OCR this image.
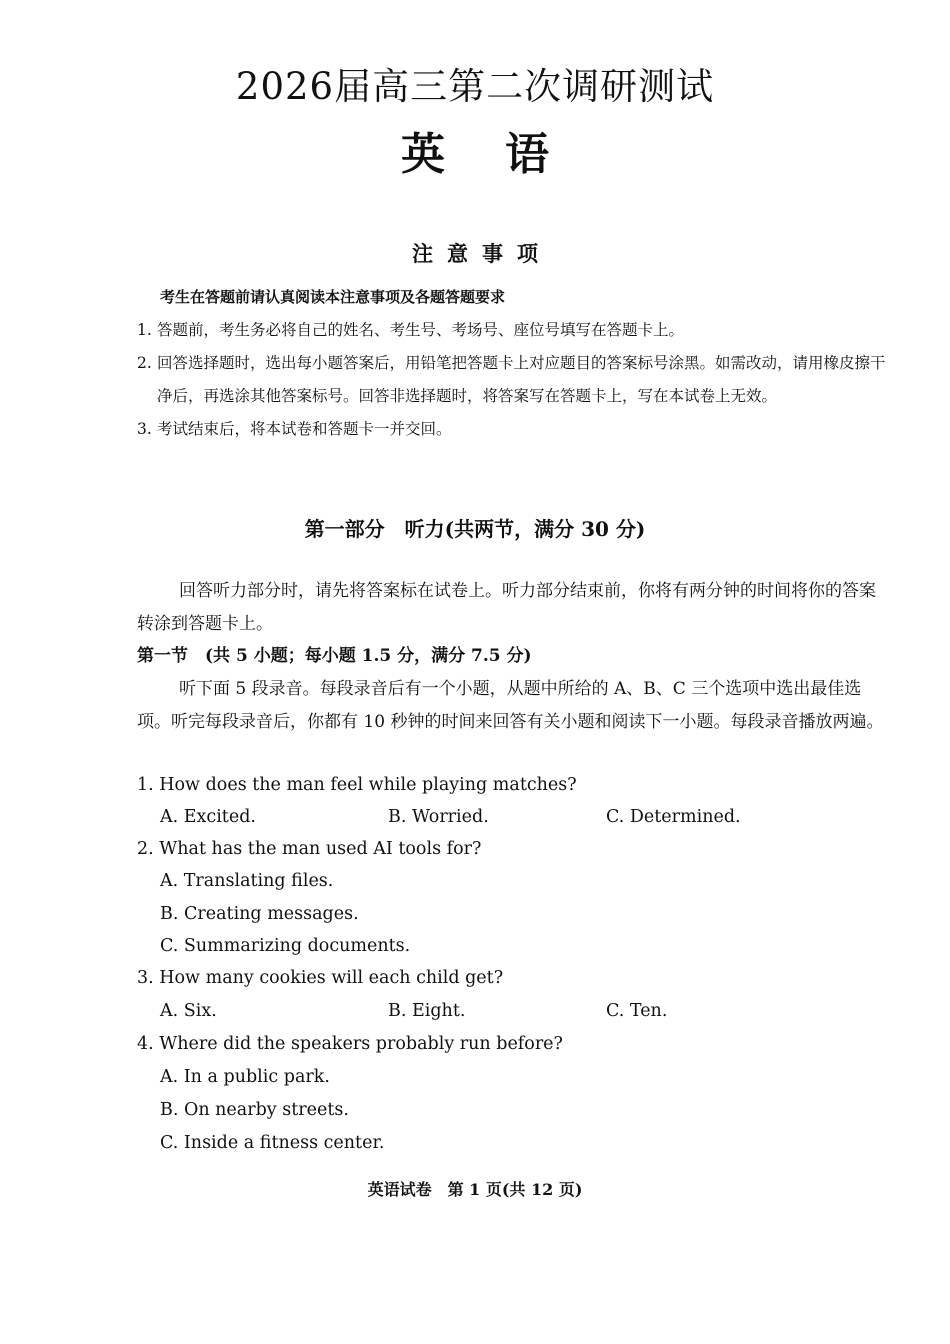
2026届高三第二次调研测试
英语
注意事项
考生在答题前请认真阅读本注意事项及各题答题要求
1. 答题前，考生务必将自己的姓名、考生号、考场号、座位号填写在答题卡上。
2. 回答选择题时，选出每小题答案后，用铅笔把答题卡上对应题目的答案标号涂黑。如需改动，请用橡皮擦干净后，再选涂其他答案标号。回答非选择题时，将答案写在答题卡上，写在本试卷上无效。
3. 考试结束后，将本试卷和答题卡一并交回。
第一部分　听力(共两节，满分 30 分)
回答听力部分时，请先将答案标在试卷上。听力部分结束前，你将有两分钟的时间将你的答案转涂到答题卡上。
第一节　(共 5 小题；每小题 1.5 分，满分 7.5 分)
听下面 5 段录音。每段录音后有一个小题，从题中所给的 A、B、C 三个选项中选出最佳选项。听完每段录音后，你都有 10 秒钟的时间来回答有关小题和阅读下一小题。每段录音播放两遍。
1. How does the man feel while playing matches?
A. Excited.	B. Worried.	C. Determined.
2. What has the man used AI tools for?
A. Translating files.
B. Creating messages.
C. Summarizing documents.
3. How many cookies will each child get?
A. Six.	B. Eight.	C. Ten.
4. Where did the speakers probably run before?
A. In a public park.
B. On nearby streets.
C. Inside a fitness center.
英语试卷　第 1 页(共 12 页)
